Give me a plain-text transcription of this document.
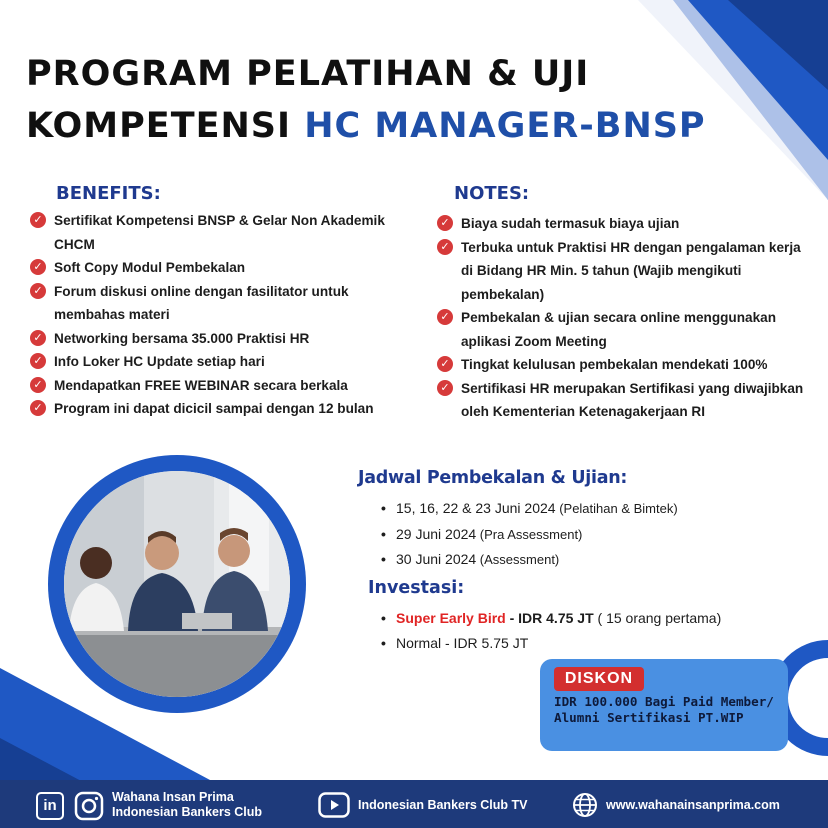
PROGRAM PELATIHAN & UJI
KOMPETENSI HC MANAGER-BNSP
BENEFITS:
✓ Sertifikat Kompetensi BNSP & Gelar Non Akademik CHCM
✓ Soft Copy Modul Pembekalan
✓ Forum diskusi online dengan fasilitator untuk membahas materi
✓ Networking bersama 35.000 Praktisi HR
✓ Info Loker HC Update setiap hari
✓ Mendapatkan FREE WEBINAR secara berkala
✓ Program ini dapat dicicil sampai dengan 12 bulan
NOTES:
✓ Biaya sudah termasuk biaya ujian
✓ Terbuka untuk Praktisi HR dengan pengalaman kerja di Bidang HR Min. 5 tahun (Wajib mengikuti pembekalan)
✓ Pembekalan & ujian secara online menggunakan aplikasi Zoom Meeting
✓ Tingkat kelulusan pembekalan mendekati 100%
✓ Sertifikasi HR merupakan Sertifikasi yang diwajibkan oleh Kementerian Ketenagakerjaan RI
Jadwal Pembekalan & Ujian:
• 15, 16, 22 & 23 Juni 2024 (Pelatihan & Bimtek)
• 29 Juni 2024 (Pra Assessment)
• 30 Juni 2024 (Assessment)
Investasi:
• Super Early Bird - IDR 4.75 JT ( 15 orang pertama)
• Normal - IDR 5.75 JT
DISKON
IDR 100.000 Bagi Paid Member/ Alumni Sertifikasi PT.WIP
in	Wahana Insan Prima
Indonesian Bankers Club	Indonesian Bankers Club TV	www.wahanainsanprima.com
